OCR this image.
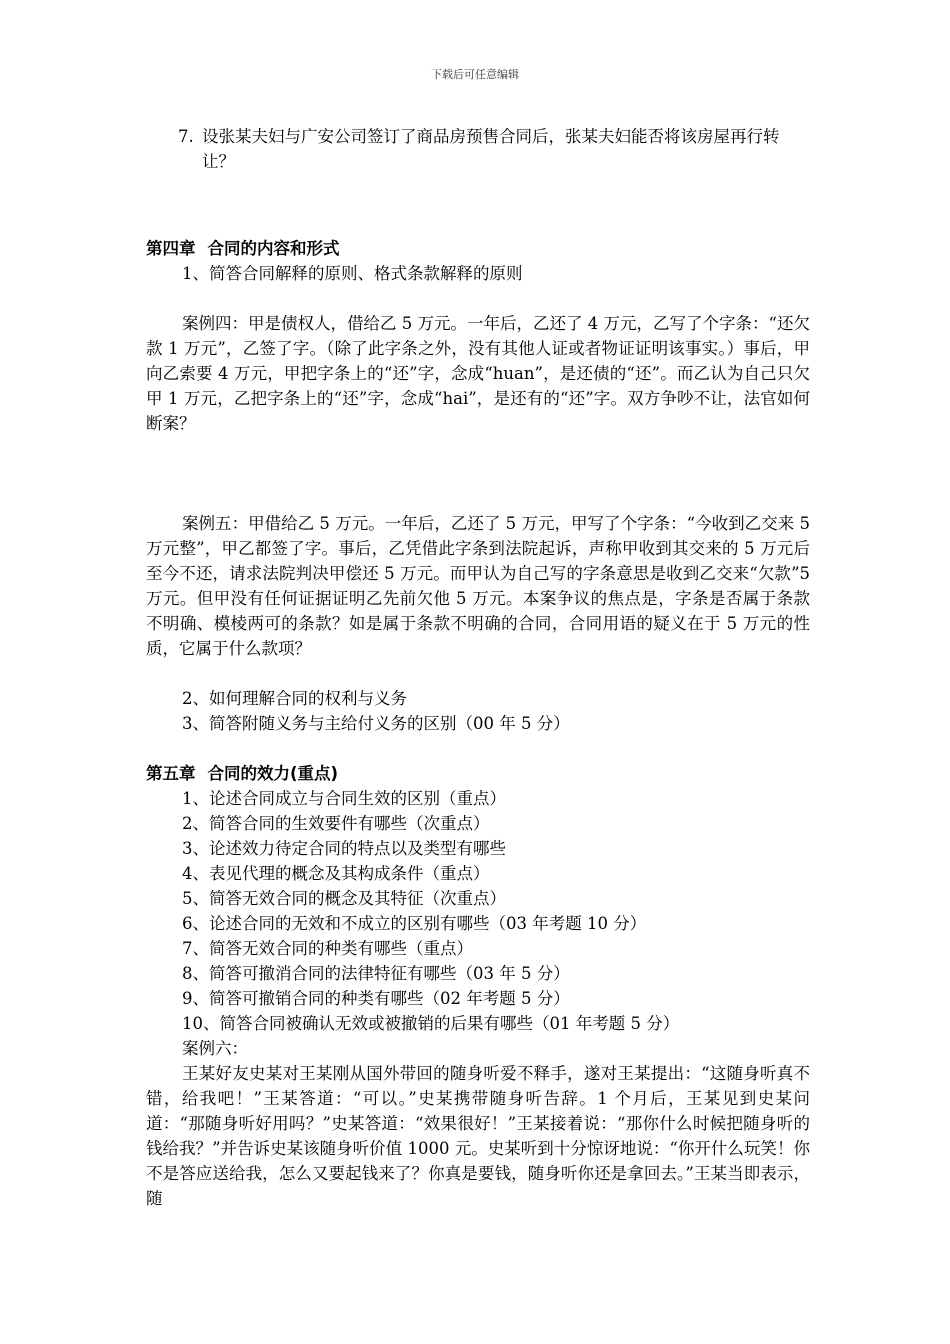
下载后可任意编辑

7. 设张某夫妇与广安公司签订了商品房预售合同后，张某夫妇能否将该房屋再行转让？

第四章 合同的内容和形式

1、简答合同解释的原则、格式条款解释的原则

案例四：甲是债权人，借给乙 5 万元。一年后，乙还了 4 万元，乙写了个字条：“还欠款 1 万元”，乙签了字。（除了此字条之外，没有其他人证或者物证证明该事实。）事后，甲向乙索要 4 万元，甲把字条上的“还”字，念成“huan”，是还债的“还”。而乙认为自己只欠甲 1 万元，乙把字条上的“还”字，念成“hai”，是还有的“还”字。双方争吵不让，法官如何断案？

案例五：甲借给乙 5 万元。一年后，乙还了 5 万元，甲写了个字条：“今收到乙交来 5 万元整”，甲乙都签了字。事后，乙凭借此字条到法院起诉，声称甲收到其交来的 5 万元后至今不还，请求法院判决甲偿还 5 万元。而甲认为自己写的字条意思是收到乙交来“欠款”5 万元。但甲没有任何证据证明乙先前欠他 5 万元。本案争议的焦点是，字条是否属于条款不明确、模棱两可的条款？如是属于条款不明确的合同，合同用语的疑义在于 5 万元的性质，它属于什么款项？

2、如何理解合同的权利与义务

3、简答附随义务与主给付义务的区别（00 年 5 分）

第五章 合同的效力(重点)

1、论述合同成立与合同生效的区别（重点）

2、简答合同的生效要件有哪些（次重点）

3、论述效力待定合同的特点以及类型有哪些

4、表见代理的概念及其构成条件（重点）

5、简答无效合同的概念及其特征（次重点）

6、论述合同的无效和不成立的区别有哪些（03 年考题 10 分）

7、简答无效合同的种类有哪些（重点）

8、简答可撤消合同的法律特征有哪些（03 年 5 分）

9、简答可撤销合同的种类有哪些（02 年考题 5 分）

10、简答合同被确认无效或被撤销的后果有哪些（01 年考题 5 分）

案例六：

王某好友史某对王某刚从国外带回的随身听爱不释手，遂对王某提出：“这随身听真不错，给我吧！”王某答道：“可以。”史某携带随身听告辞。1 个月后，王某见到史某问道：“那随身听好用吗？”史某答道：“效果很好！”王某接着说：“那你什么时候把随身听的钱给我？”并告诉史某该随身听价值 1000 元。史某听到十分惊讶地说：“你开什么玩笑！你不是答应送给我，怎么又要起钱来了？你真是要钱，随身听你还是拿回去。”王某当即表示，随
